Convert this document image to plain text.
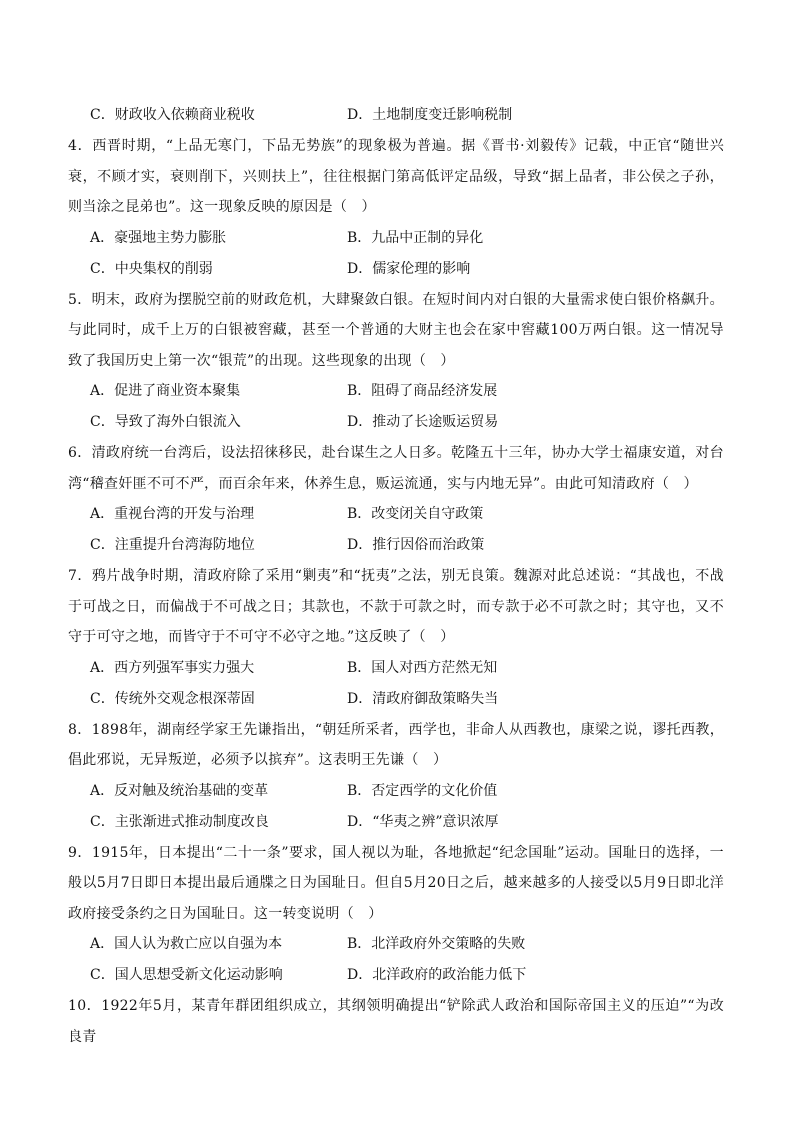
C．财政收入依赖商业税收	D．土地制度变迁影响税制
4．西晋时期，“上品无寒门，下品无势族”的现象极为普遍。据《晋书·刘毅传》记载，中正官“随世兴衰，不顾才实，衰则削下，兴则扶上”，往往根据门第高低评定品级，导致“据上品者，非公侯之子孙，则当涂之昆弟也”。这一现象反映的原因是（　）
A．豪强地主势力膨胀	B．九品中正制的异化
C．中央集权的削弱	D．儒家伦理的影响
5．明末，政府为摆脱空前的财政危机，大肆聚敛白银。在短时间内对白银的大量需求使白银价格飙升。与此同时，成千上万的白银被窖藏，甚至一个普通的大财主也会在家中窖藏100万两白银。这一情况导致了我国历史上第一次“银荒”的出现。这些现象的出现（　）
A．促进了商业资本聚集	B．阻碍了商品经济发展
C．导致了海外白银流入	D．推动了长途贩运贸易
6．清政府统一台湾后，设法招徕移民，赴台谋生之人日多。乾隆五十三年，协办大学士福康安道，对台湾“稽查奸匪不可不严，而百余年来，休养生息，贩运流通，实与内地无异”。由此可知清政府（　）
A．重视台湾的开发与治理	B．改变闭关自守政策
C．注重提升台湾海防地位	D．推行因俗而治政策
7．鸦片战争时期，清政府除了采用“剿夷”和“抚夷”之法，别无良策。魏源对此总述说：“其战也，不战于可战之日，而偏战于不可战之日；其款也，不款于可款之时，而专款于必不可款之时；其守也，又不守于可守之地，而皆守于不可守不必守之地。”这反映了（　）
A．西方列强军事实力强大	B．国人对西方茫然无知
C．传统外交观念根深蒂固	D．清政府御敌策略失当
8．1898年，湖南经学家王先谦指出，“朝廷所采者，西学也，非命人从西教也，康梁之说，谬托西教，倡此邪说，无异叛逆，必须予以摈弃”。这表明王先谦（　）
A．反对触及统治基础的变革	B．否定西学的文化价值
C．主张渐进式推动制度改良	D．“华夷之辨”意识浓厚
9．1915年，日本提出“二十一条”要求，国人视以为耻，各地掀起“纪念国耻”运动。国耻日的选择，一般以5月7日即日本提出最后通牒之日为国耻日。但自5月20日之后，越来越多的人接受以5月9日即北洋政府接受条约之日为国耻日。这一转变说明（　）
A．国人认为救亡应以自强为本	B．北洋政府外交策略的失败
C．国人思想受新文化运动影响	D．北洋政府的政治能力低下
10．1922年5月，某青年群团组织成立，其纲领明确提出“铲除武人政治和国际帝国主义的压迫”“为改良青
